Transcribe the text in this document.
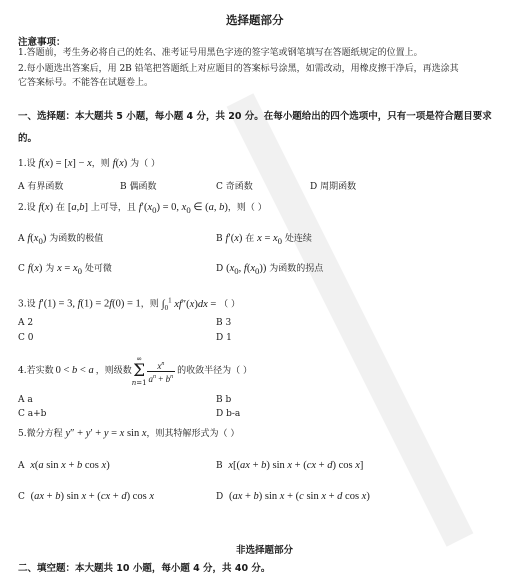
选择题部分
注意事项：
1.答题前，考生务必将自己的姓名、准考证号用黑色字迹的签字笔或钢笔填写在答题纸规定的位置上。
2.每小题选出答案后，用 2B 铅笔把答题纸上对应题目的答案标号涂黑，如需改动，用橡皮擦干净后，再选涂其
它答案标号。不能答在试题卷上。
一、选择题：本大题共 5 小题，每小题 4 分，共 20 分。在每小题给出的四个选项中，只有一项是符合题目要求
的。
1.设 f(x) = [x] − x，则 f(x) 为（ ）
A 有界函数	B 偶函数	C 奇函数	D 周期函数
2.设 f(x) 在 [a,b] 上可导，且 $f'(x_0) = 0$, $x_0$ ∈ (a, b)，则（ ）
A $f(x_0)$ 为函数的极值	B f′(x) 在 $x = x_0$ 处连续
C f(x) 为 $x = x_0$ 处可微	D ($x_0$, $f(x_0)$) 为函数的拐点
3.设 f′(1) = 3, f(1) = 2f(0) = 1，则 $\int_0^1$ xf″(x)dx = （ ）
A 2	B 3
C 0	D 1
4.若实数 0 < b < a ，则级数
∞
Σ
$n=1 \frac{x^n}{a^n + b^n}$ 的收敛半径为（ ）
A a	B b
C a+b	D b-a
5.微分方程 y″ + y′ + y = x sin x，则其特解形式为（ ）
A x(a sin x + b cos x)	B x[(ax + b) sin x + (cx + d) cos x]
C (ax + b) sin x + (cx + d) cos x	D (ax + b) sin x + (c sin x + d cos x)
非选择题部分
二、填空题：本大题共 10 小题，每小题 4 分，共 40 分。
